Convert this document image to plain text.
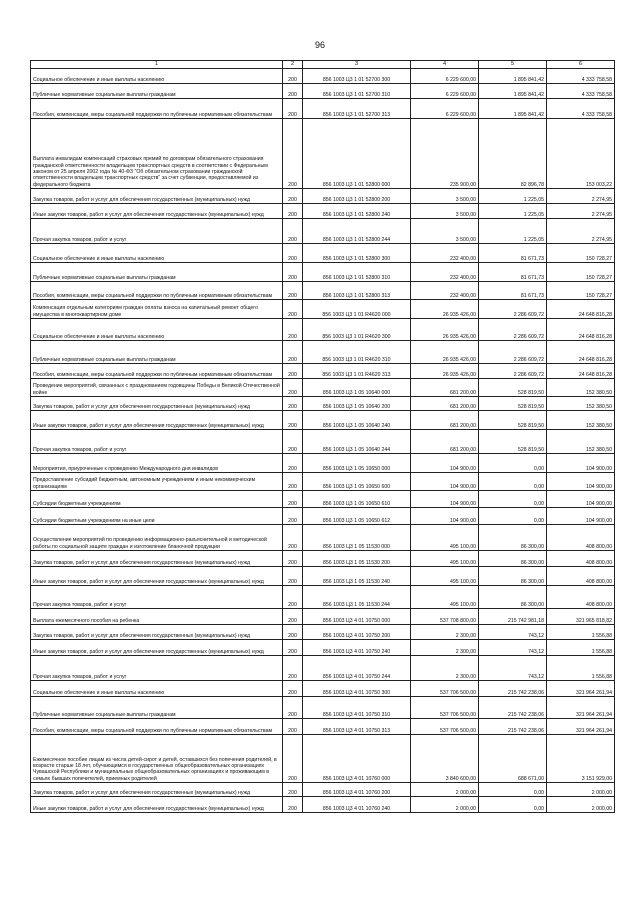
96
1	2	3	4	5	6
Социальное обеспечение и иные выплаты населению	200	856 1003 Ц3 1 01 52700 300	6 229 600,00	1 895 841,42	4 333 758,58
Публичные нормативные социальные выплаты гражданам	200	856 1003 Ц3 1 01 52700 310	6 229 600,00	1 895 841,42	4 333 758,58
Пособия, компенсации, меры социальной поддержки по публичным нормативным обязательствам	200	856 1003 Ц3 1 01 52700 313	6 229 600,00	1 895 841,42	4 333 758,58
Выплата инвалидам компенсаций страховых премий по договорам обязательного страхования гражданской ответственности владельцев транспортных средств в соответствии с Федеральным законом от 25 апреля 2002 года № 40-ФЗ "Об обязательном страховании гражданской ответственности владельцев транспортных средств" за счет субвенции, предоставляемой из федерального бюджета	200	856 1003 Ц3 1 01 52800 000	235 900,00	82 896,78	153 003,22
Закупка товаров, работ и услуг для обеспечения государственных (муниципальных) нужд	200	856 1003 Ц3 1 01 52800 200	3 500,00	1 225,05	2 274,95
Иные закупки товаров, работ и услуг для обеспечения государственных (муниципальных) нужд	200	856 1003 Ц3 1 01 52800 240	3 500,00	1 225,05	2 274,95
Прочая закупка товаров, работ и услуг	200	856 1003 Ц3 1 01 52800 244	3 500,00	1 225,05	2 274,95
Социальное обеспечение и иные выплаты населению	200	856 1003 Ц3 1 01 52800 300	232 400,00	81 671,73	150 728,27
Публичные нормативные социальные выплаты гражданам	200	856 1003 Ц3 1 01 52800 310	232 400,00	81 671,73	150 728,27
Пособия, компенсации, меры социальной поддержки по публичным нормативным обязательствам	200	856 1003 Ц3 1 01 52800 313	232 400,00	81 671,73	150 728,27
Компенсация отдельным категориям граждан оплаты взноса на капитальный ремонт общего имущества в многоквартирном доме	200	856 1003 Ц3 1 01 R4620 000	26 935 426,00	2 286 609,72	24 648 816,28
Социальное обеспечение и иные выплаты населению	200	856 1003 Ц3 1 01 R4620 300	26 935 426,00	2 286 609,72	24 648 816,28
Публичные нормативные социальные выплаты гражданам	200	856 1003 Ц3 1 01 R4620 310	26 935 426,00	2 286 609,72	24 648 816,28
Пособия, компенсации, меры социальной поддержки по публичным нормативным обязательствам	200	856 1003 Ц3 1 01 R4620 313	26 935 426,00	2 286 609,72	24 648 816,28
Проведение мероприятий, связанных с празднованием годовщины Победы в Великой Отечественной войне	200	856 1003 Ц3 1 05 10640 000	681 200,00	528 819,50	152 380,50
Закупка товаров, работ и услуг для обеспечения государственных (муниципальных) нужд	200	856 1003 Ц3 1 05 10640 200	681 200,00	528 819,50	152 380,50
Иные закупки товаров, работ и услуг для обеспечения государственных (муниципальных) нужд	200	856 1003 Ц3 1 05 10640 240	681 200,00	528 819,50	152 380,50
Прочая закупка товаров, работ и услуг	200	856 1003 Ц3 1 05 10640 244	681 200,00	528 819,50	152 380,50
Мероприятия, приуроченные к проведению Международного дня инвалидов	200	856 1003 Ц3 1 05 10650 000	104 900,00	0,00	104 900,00
Предоставление субсидий бюджетным, автономным учреждениям и иным некоммерческим организациям	200	856 1003 Ц3 1 05 10650 600	104 900,00	0,00	104 900,00
Субсидии бюджетным учреждениям	200	856 1003 Ц3 1 05 10650 610	104 900,00	0,00	104 900,00
Субсидии бюджетным учреждениям на иные цели	200	856 1003 Ц3 1 05 10650 612	104 900,00	0,00	104 900,00
Осуществление мероприятий по проведению информационно-разъяснительной и методической работы по социальной защите граждан и изготовление бланочной продукции	200	856 1003 Ц3 1 05 11530 000	495 100,00	86 300,00	408 800,00
Закупка товаров, работ и услуг для обеспечения государственных (муниципальных) нужд	200	856 1003 Ц3 1 05 11530 200	495 100,00	86 300,00	408 800,00
Иные закупки товаров, работ и услуг для обеспечения государственных (муниципальных) нужд	200	856 1003 Ц3 1 05 11530 240	495 100,00	86 300,00	408 800,00
Прочая закупка товаров, работ и услуг	200	856 1003 Ц3 1 05 11530 244	495 100,00	86 300,00	408 800,00
Выплата ежемесячного пособия на ребенка	200	856 1003 Ц3 4 01 10750 000	537 708 800,00	215 742 981,18	321 965 818,82
Закупка товаров, работ и услуг для обеспечения государственных (муниципальных) нужд	200	856 1003 Ц3 4 01 10750 200	2 300,00	743,12	1 556,88
Иные закупки товаров, работ и услуг для обеспечения государственных (муниципальных) нужд	200	856 1003 Ц3 4 01 10750 240	2 300,00	743,12	1 556,88
Прочая закупка товаров, работ и услуг	200	856 1003 Ц3 4 01 10750 244	2 300,00	743,12	1 556,88
Социальное обеспечение и иные выплаты населению	200	856 1003 Ц3 4 01 10750 300	537 706 500,00	215 742 238,06	321 964 261,94
Публичные нормативные социальные выплаты гражданам	200	856 1003 Ц3 4 01 10750 310	537 706 500,00	215 742 238,06	321 964 261,94
Пособия, компенсации, меры социальной поддержки по публичным нормативным обязательствам	200	856 1003 Ц3 4 01 10750 313	537 706 500,00	215 742 238,06	321 964 261,94
Ежемесячное пособие лицам из числа детей-сирот и детей, оставшихся без попечения родителей, в возрасте старше 18 лет, обучающимся в государственных общеобразовательных организациях Чувашской Республики и муниципальных общеобразовательных организациях и проживающим в семьях бывших попечителей, приемных родителей	200	856 1003 Ц3 4 01 10760 000	3 840 600,00	688 671,00	3 151 929,00
Закупка товаров, работ и услуг для обеспечения государственных (муниципальных) нужд	200	856 1003 Ц3 4 01 10760 200	2 000,00	0,00	2 000,00
Иные закупки товаров, работ и услуг для обеспечения государственных (муниципальных) нужд	200	856 1003 Ц3 4 01 10760 240	2 000,00	0,00	2 000,00
